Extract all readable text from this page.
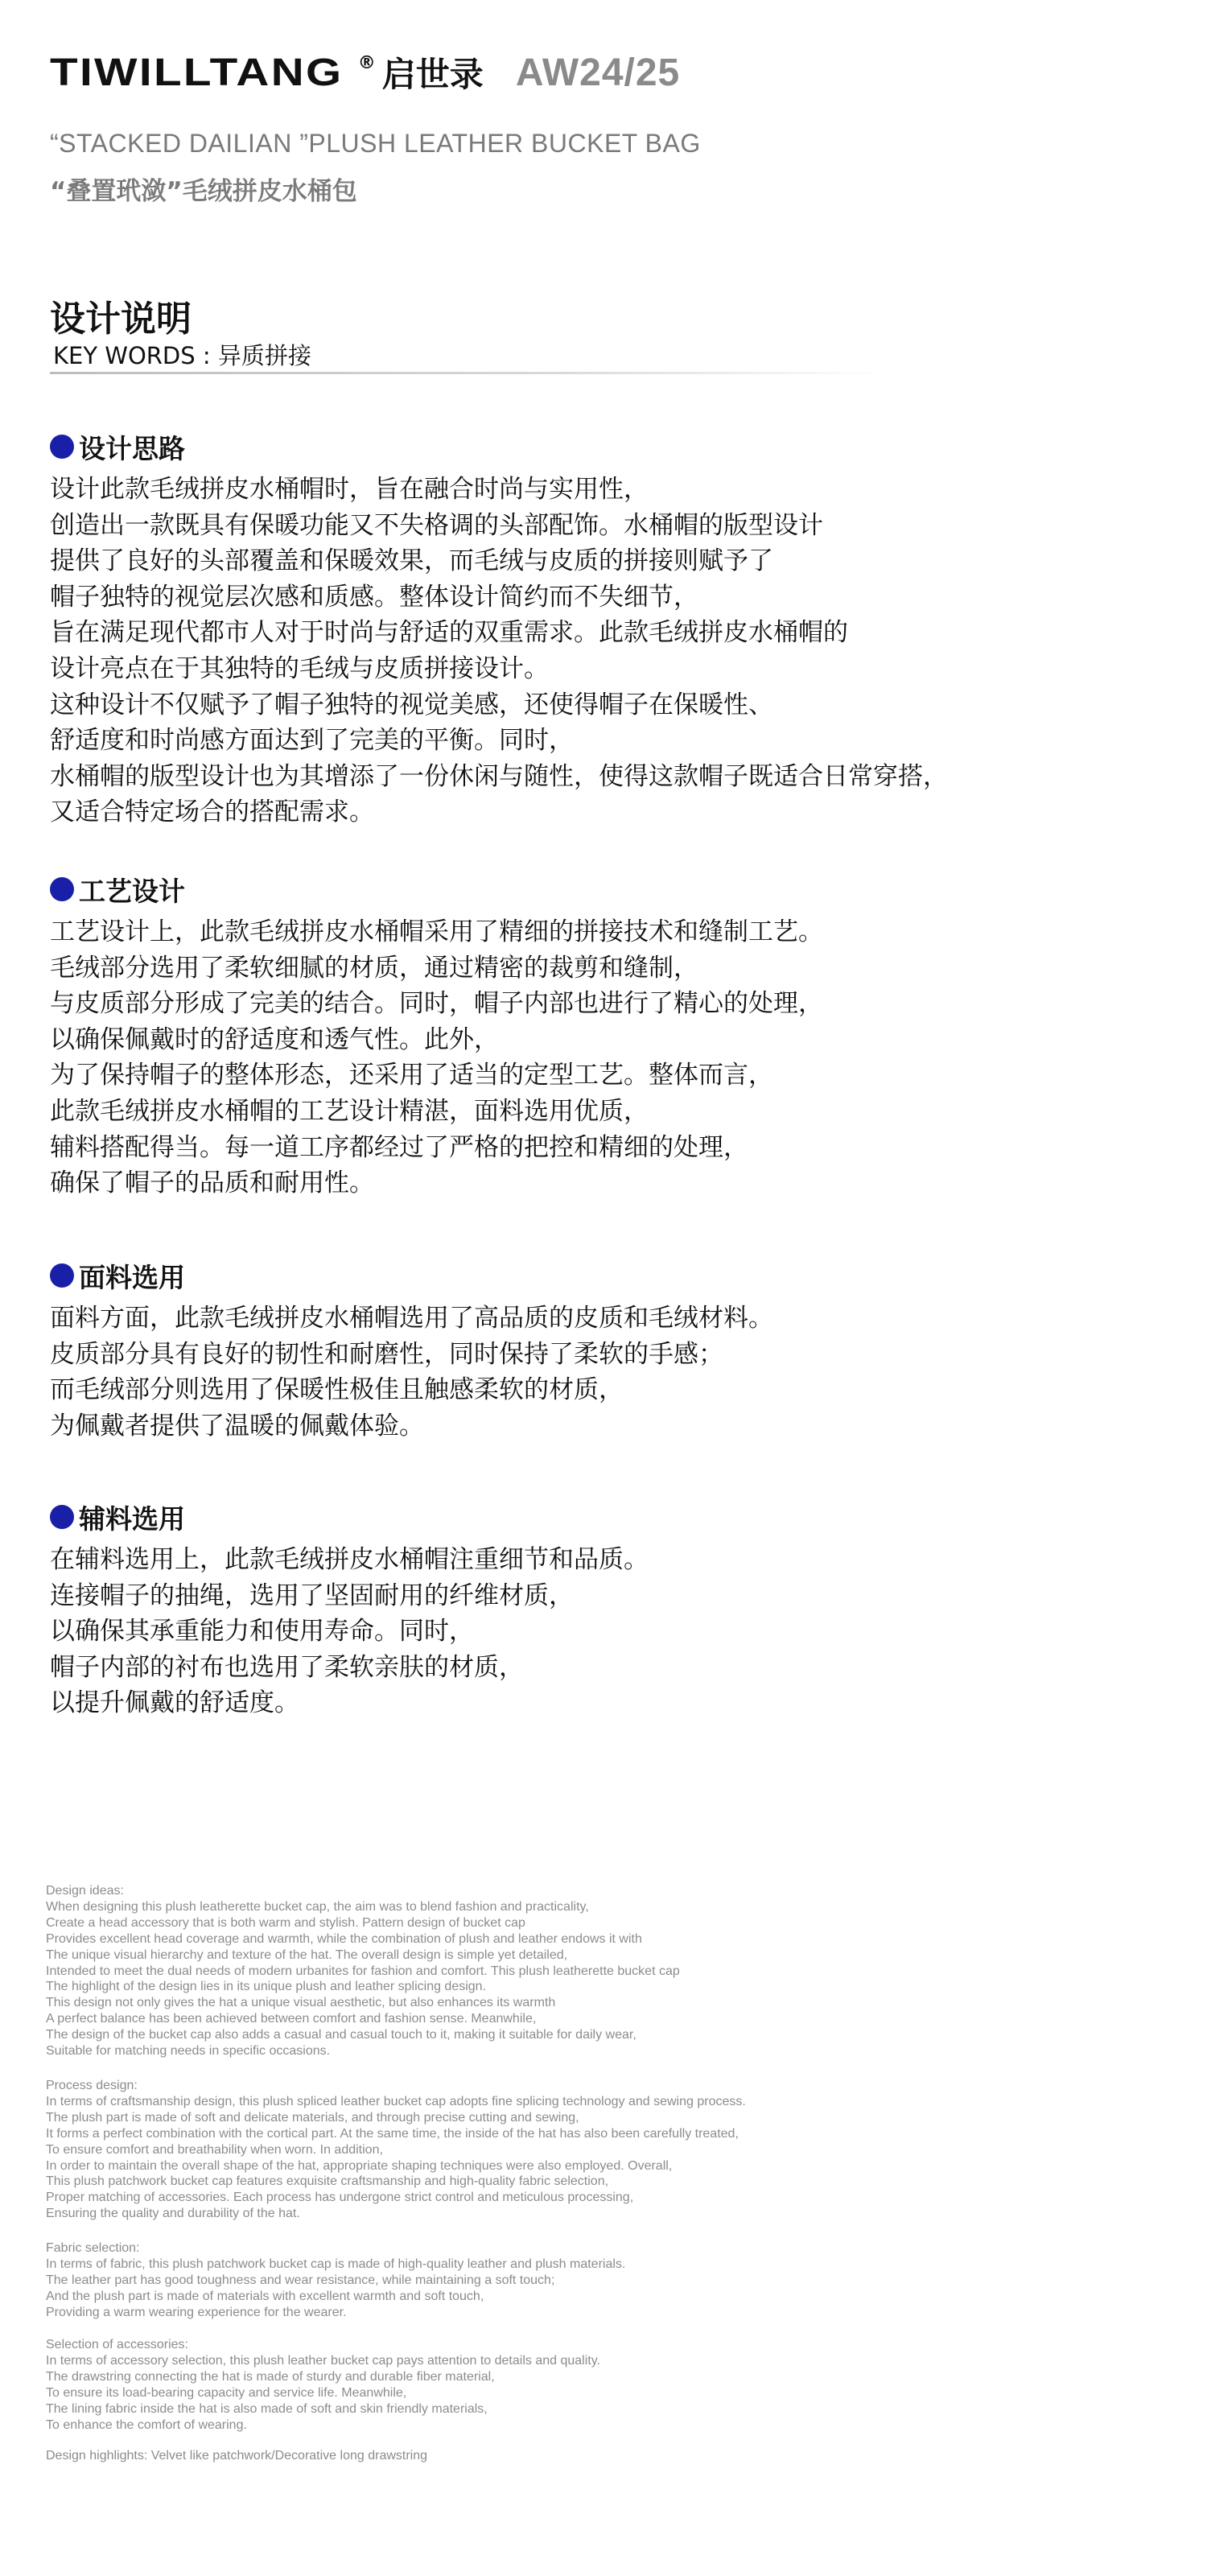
TIWILLTANG ® 启世录 AW24/25
“STACKED DAILIAN ”PLUSH LEATHER BUCKET BAG
“叠置玳潋”毛绒拼皮水桶包
设计说明
KEY WORDS : 异质拼接
设计思路
设计此款毛绒拼皮水桶帽时，旨在融合时尚与实用性，
创造出一款既具有保暖功能又不失格调的头部配饰。水桶帽的版型设计
提供了良好的头部覆盖和保暖效果，而毛绒与皮质的拼接则赋予了
帽子独特的视觉层次感和质感。整体设计简约而不失细节，
旨在满足现代都市人对于时尚与舒适的双重需求。此款毛绒拼皮水桶帽的
设计亮点在于其独特的毛绒与皮质拼接设计。
这种设计不仅赋予了帽子独特的视觉美感，还使得帽子在保暖性、
舒适度和时尚感方面达到了完美的平衡。同时，
水桶帽的版型设计也为其增添了一份休闲与随性，使得这款帽子既适合日常穿搭，
又适合特定场合的搭配需求。
工艺设计
工艺设计上，此款毛绒拼皮水桶帽采用了精细的拼接技术和缝制工艺。
毛绒部分选用了柔软细腻的材质，通过精密的裁剪和缝制，
与皮质部分形成了完美的结合。同时，帽子内部也进行了精心的处理，
以确保佩戴时的舒适度和透气性。此外，
为了保持帽子的整体形态，还采用了适当的定型工艺。整体而言，
此款毛绒拼皮水桶帽的工艺设计精湛，面料选用优质，
辅料搭配得当。每一道工序都经过了严格的把控和精细的处理，
确保了帽子的品质和耐用性。
面料选用
面料方面，此款毛绒拼皮水桶帽选用了高品质的皮质和毛绒材料。
皮质部分具有良好的韧性和耐磨性，同时保持了柔软的手感；
而毛绒部分则选用了保暖性极佳且触感柔软的材质，
为佩戴者提供了温暖的佩戴体验。
辅料选用
在辅料选用上，此款毛绒拼皮水桶帽注重细节和品质。
连接帽子的抽绳，选用了坚固耐用的纤维材质，
以确保其承重能力和使用寿命。同时，
帽子内部的衬布也选用了柔软亲肤的材质，
以提升佩戴的舒适度。
Design ideas:
When designing this plush leatherette bucket cap, the aim was to blend fashion and practicality,
Create a head accessory that is both warm and stylish. Pattern design of bucket cap
Provides excellent head coverage and warmth, while the combination of plush and leather endows it with
The unique visual hierarchy and texture of the hat. The overall design is simple yet detailed,
Intended to meet the dual needs of modern urbanites for fashion and comfort. This plush leatherette bucket cap
The highlight of the design lies in its unique plush and leather splicing design.
This design not only gives the hat a unique visual aesthetic, but also enhances its warmth
A perfect balance has been achieved between comfort and fashion sense. Meanwhile,
The design of the bucket cap also adds a casual and casual touch to it, making it suitable for daily wear,
Suitable for matching needs in specific occasions.
Process design:
In terms of craftsmanship design, this plush spliced leather bucket cap adopts fine splicing technology and sewing process.
The plush part is made of soft and delicate materials, and through precise cutting and sewing,
It forms a perfect combination with the cortical part. At the same time, the inside of the hat has also been carefully treated,
To ensure comfort and breathability when worn. In addition,
In order to maintain the overall shape of the hat, appropriate shaping techniques were also employed. Overall,
This plush patchwork bucket cap features exquisite craftsmanship and high-quality fabric selection,
Proper matching of accessories. Each process has undergone strict control and meticulous processing,
Ensuring the quality and durability of the hat.
Fabric selection:
In terms of fabric, this plush patchwork bucket cap is made of high-quality leather and plush materials.
The leather part has good toughness and wear resistance, while maintaining a soft touch;
And the plush part is made of materials with excellent warmth and soft touch,
Providing a warm wearing experience for the wearer.
Selection of accessories:
In terms of accessory selection, this plush leather bucket cap pays attention to details and quality.
The drawstring connecting the hat is made of sturdy and durable fiber material,
To ensure its load-bearing capacity and service life. Meanwhile,
The lining fabric inside the hat is also made of soft and skin friendly materials,
To enhance the comfort of wearing.
Design highlights: Velvet like patchwork/Decorative long drawstring
